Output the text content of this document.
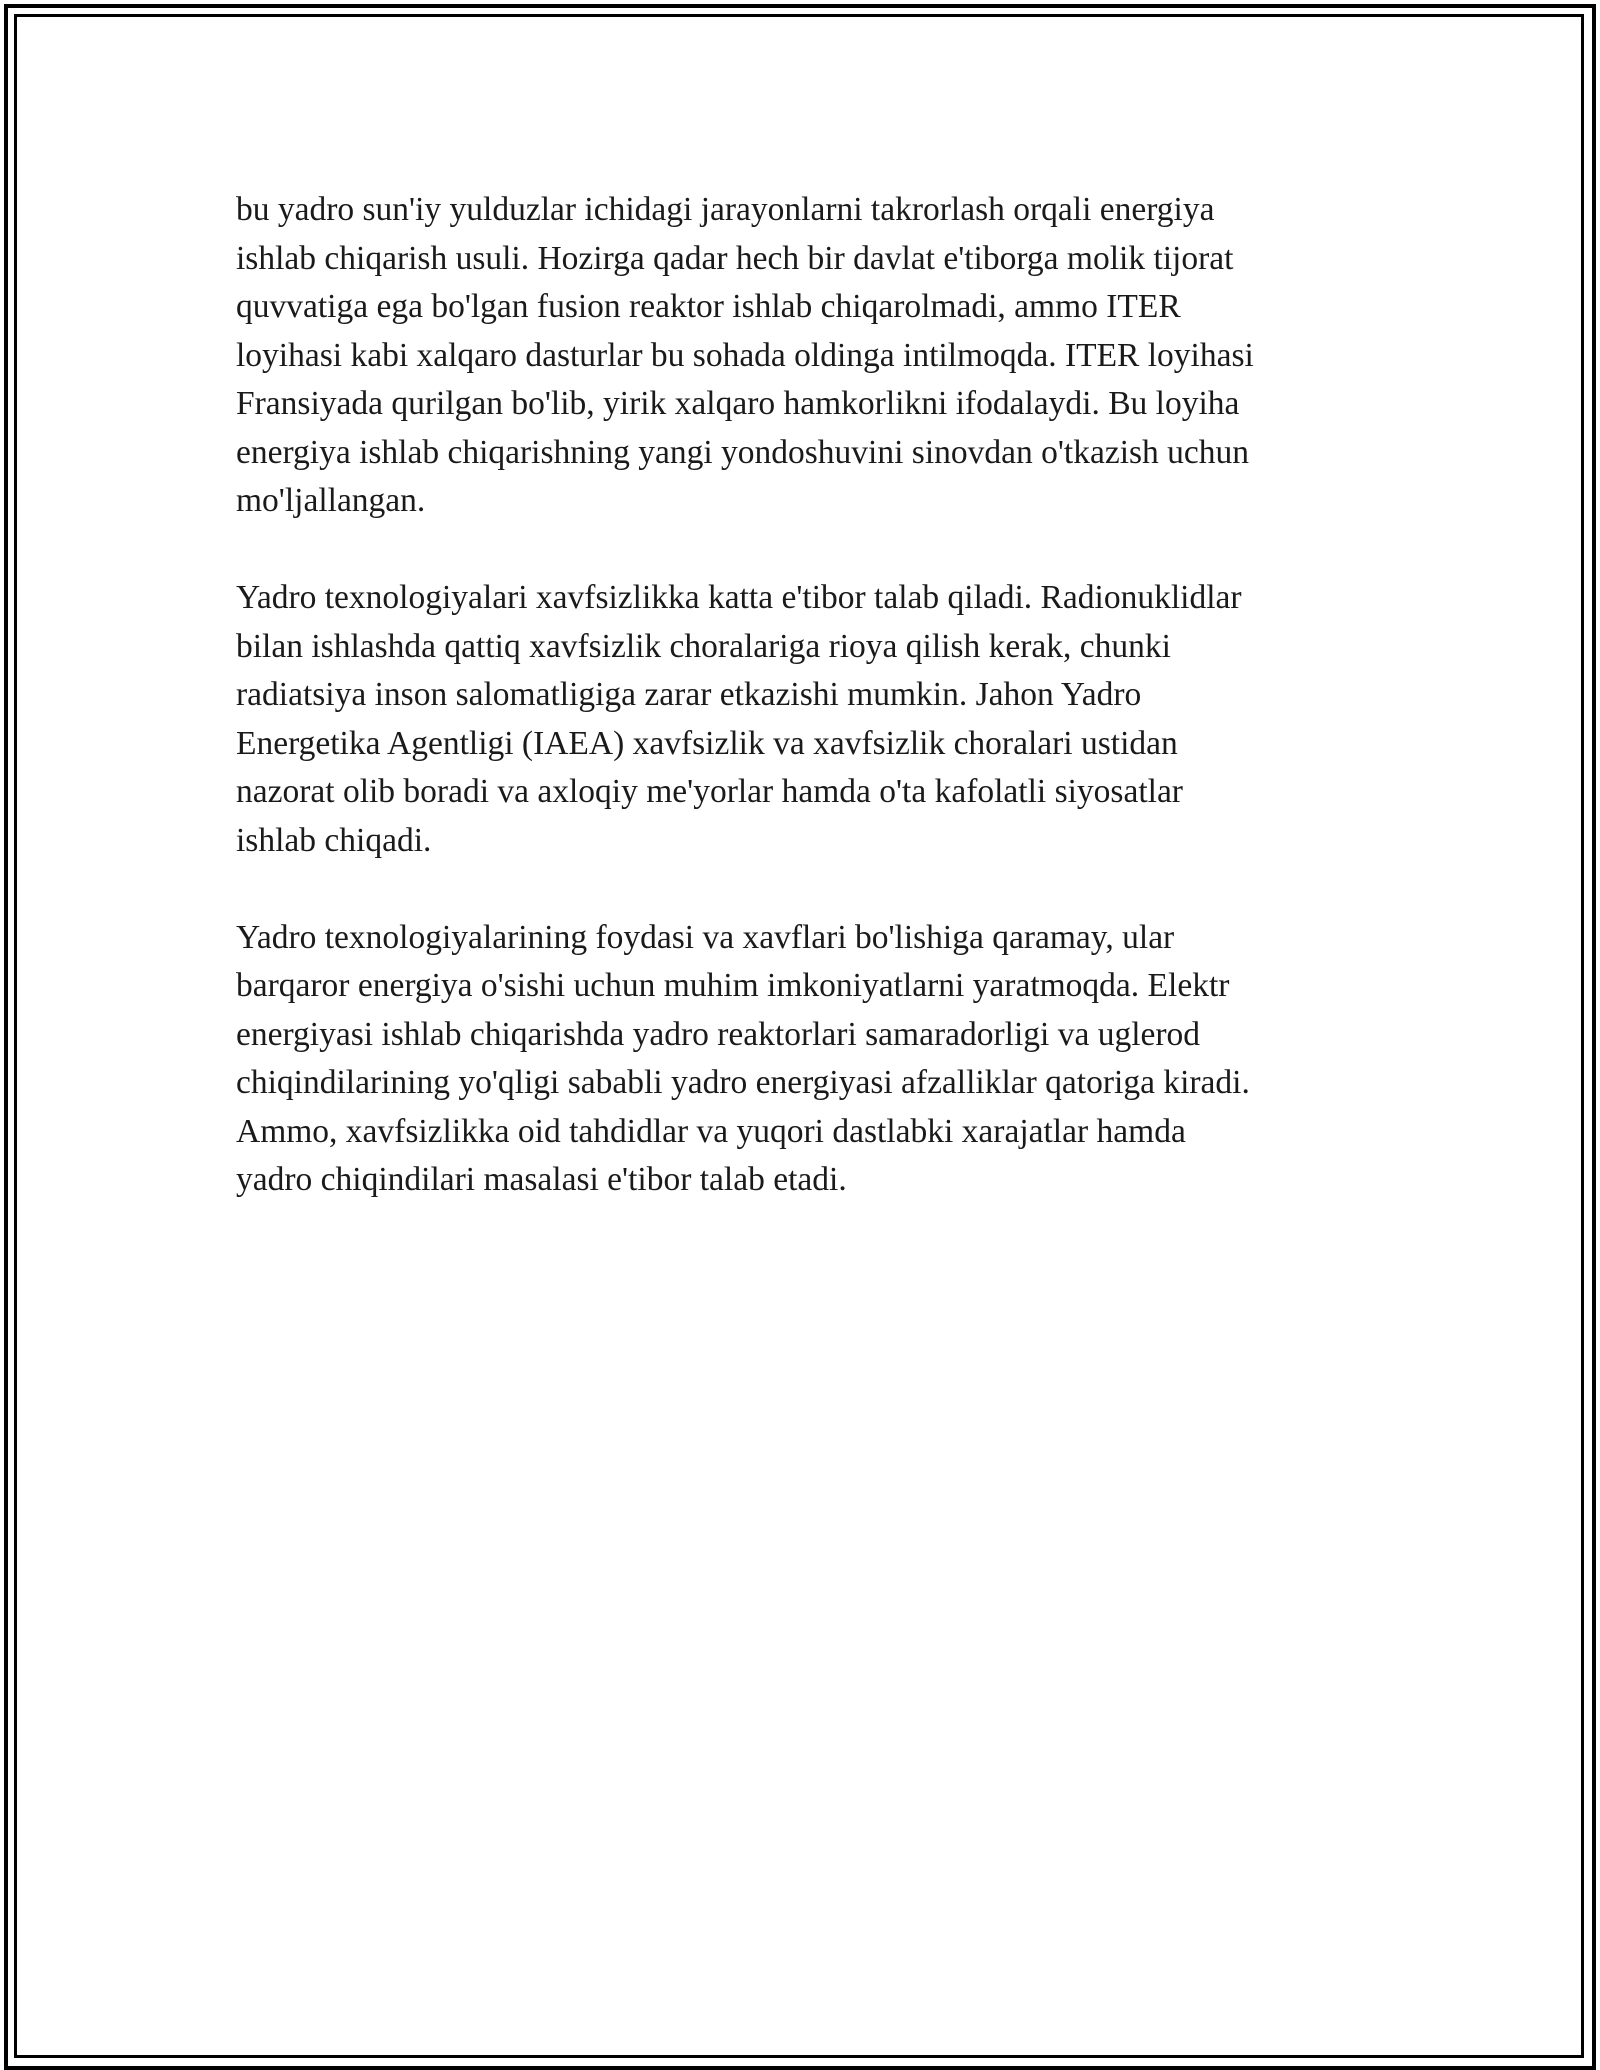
bu yadro sun'iy yulduzlar ichidagi jarayonlarni takrorlash orqali energiya
ishlab chiqarish usuli. Hozirga qadar hech bir davlat e'tiborga molik tijorat
quvvatiga ega bo'lgan fusion reaktor ishlab chiqarolmadi, ammo ITER
loyihasi kabi xalqaro dasturlar bu sohada oldinga intilmoqda. ITER loyihasi
Fransiyada qurilgan bo'lib, yirik xalqaro hamkorlikni ifodalaydi. Bu loyiha
energiya ishlab chiqarishning yangi yondoshuvini sinovdan o'tkazish uchun
mo'ljallangan.

Yadro texnologiyalari xavfsizlikka katta e'tibor talab qiladi. Radionuklidlar
bilan ishlashda qattiq xavfsizlik choralariga rioya qilish kerak, chunki
radiatsiya inson salomatligiga zarar etkazishi mumkin. Jahon Yadro
Energetika Agentligi (IAEA) xavfsizlik va xavfsizlik choralari ustidan
nazorat olib boradi va axloqiy me'yorlar hamda o'ta kafolatli siyosatlar
ishlab chiqadi.

Yadro texnologiyalarining foydasi va xavflari bo'lishiga qaramay, ular
barqaror energiya o'sishi uchun muhim imkoniyatlarni yaratmoqda. Elektr
energiyasi ishlab chiqarishda yadro reaktorlari samaradorligi va uglerod
chiqindilarining yo'qligi sababli yadro energiyasi afzalliklar qatoriga kiradi.
Ammo, xavfsizlikka oid tahdidlar va yuqori dastlabki xarajatlar hamda
yadro chiqindilari masalasi e'tibor talab etadi.
